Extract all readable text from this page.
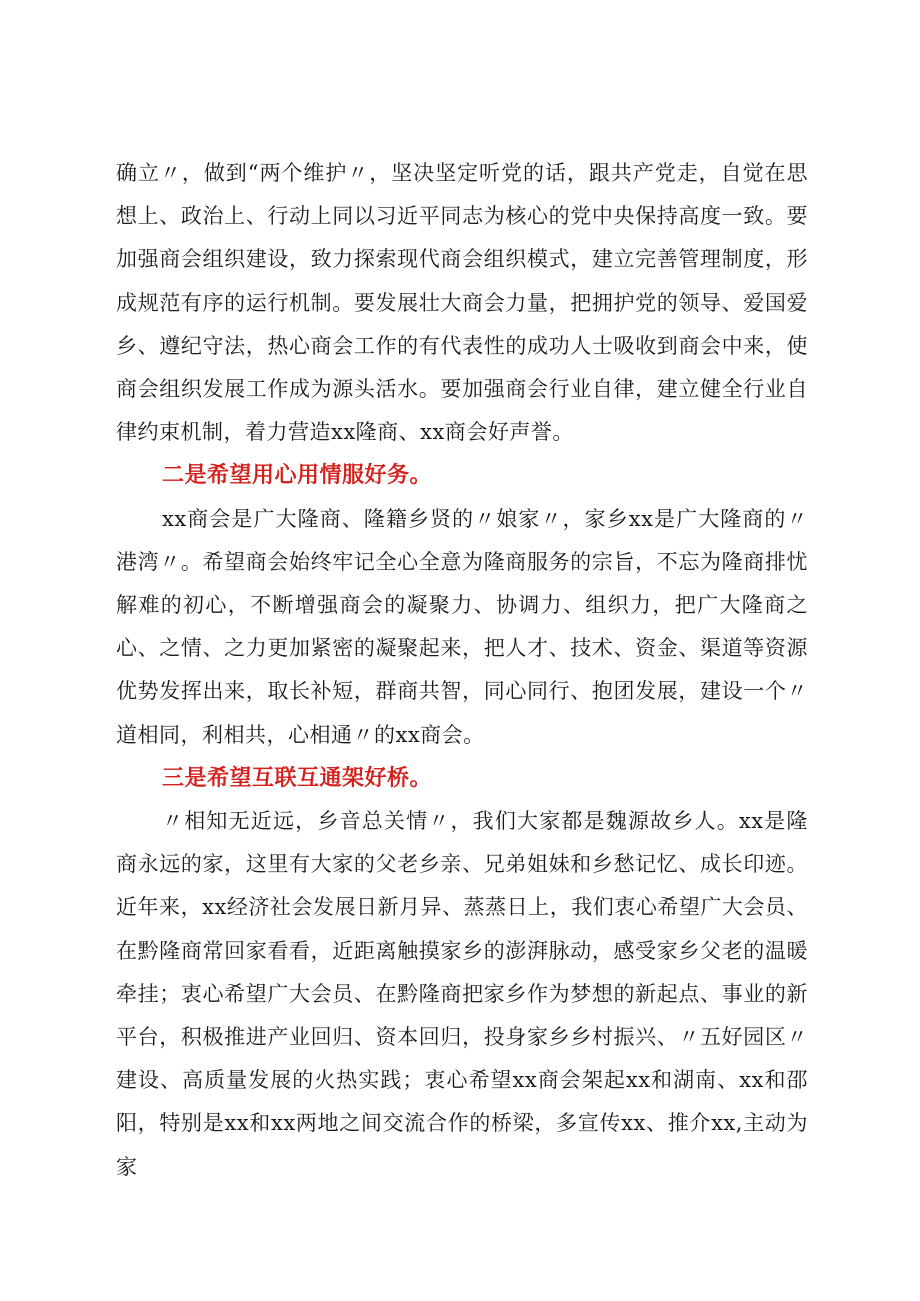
确立〃，做到“两个维护〃，坚决坚定听党的话，跟共产党走，自觉在思想上、政治上、行动上同以习近平同志为核心的党中央保持高度一致。要加强商会组织建设，致力探索现代商会组织模式，建立完善管理制度，形成规范有序的运行机制。要发展壮大商会力量，把拥护党的领导、爱国爱乡、遵纪守法，热心商会工作的有代表性的成功人士吸收到商会中来，使商会组织发展工作成为源头活水。要加强商会行业自律，建立健全行业自律约束机制，着力营造xx隆商、xx商会好声誉。

二是希望用心用情服好务。

xx商会是广大隆商、隆籍乡贤的〃娘家〃，家乡xx是广大隆商的〃港湾〃。希望商会始终牢记全心全意为隆商服务的宗旨，不忘为隆商排忧解难的初心，不断增强商会的凝聚力、协调力、组织力，把广大隆商之心、之情、之力更加紧密的凝聚起来，把人才、技术、资金、渠道等资源优势发挥出来，取长补短，群商共智，同心同行、抱团发展，建设一个〃道相同，利相共，心相通〃的xx商会。

三是希望互联互通架好桥。

〃相知无近远，乡音总关情〃，我们大家都是魏源故乡人。xx是隆商永远的家，这里有大家的父老乡亲、兄弟姐妹和乡愁记忆、成长印迹。近年来，xx经济社会发展日新月异、蒸蒸日上，我们衷心希望广大会员、在黔隆商常回家看看，近距离触摸家乡的澎湃脉动，感受家乡父老的温暖牵挂；衷心希望广大会员、在黔隆商把家乡作为梦想的新起点、事业的新平台，积极推进产业回归、资本回归，投身家乡乡村振兴、〃五好园区〃建设、高质量发展的火热实践；衷心希望xx商会架起xx和湖南、xx和邵阳，特别是xx和xx两地之间交流合作的桥梁，多宣传xx、推介xx,主动为家
